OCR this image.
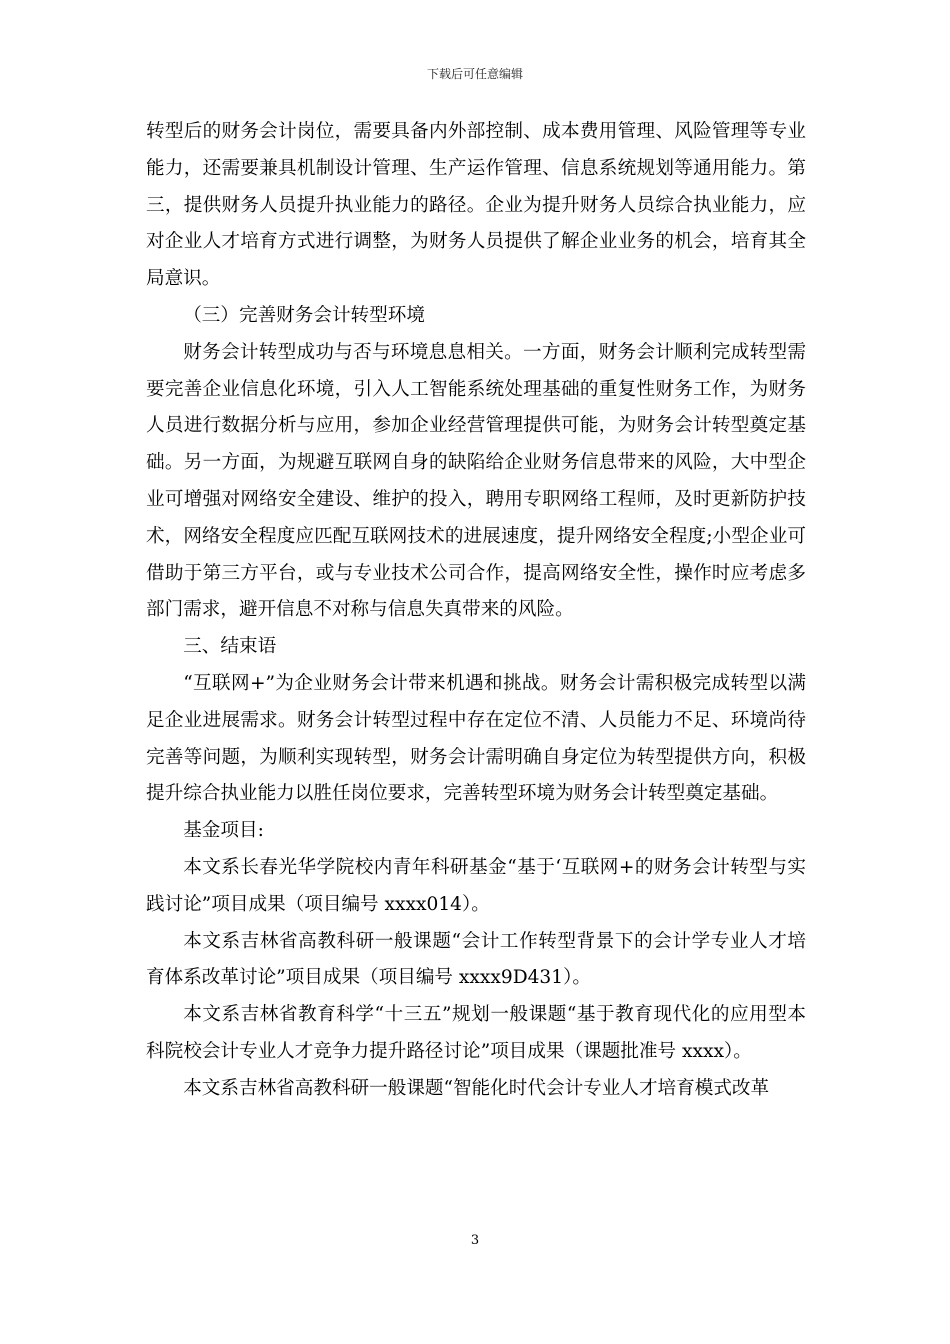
下载后可任意编辑

转型后的财务会计岗位，需要具备内外部控制、成本费用管理、风险管理等专业能力，还需要兼具机制设计管理、生产运作管理、信息系统规划等通用能力。第三，提供财务人员提升执业能力的路径。企业为提升财务人员综合执业能力，应对企业人才培育方式进行调整，为财务人员提供了解企业业务的机会，培育其全局意识。

（三）完善财务会计转型环境

财务会计转型成功与否与环境息息相关。一方面，财务会计顺利完成转型需要完善企业信息化环境，引入人工智能系统处理基础的重复性财务工作，为财务人员进行数据分析与应用，参加企业经营管理提供可能，为财务会计转型奠定基础。另一方面，为规避互联网自身的缺陷给企业财务信息带来的风险，大中型企业可增强对网络安全建设、维护的投入，聘用专职网络工程师，及时更新防护技术，网络安全程度应匹配互联网技术的进展速度，提升网络安全程度;小型企业可借助于第三方平台，或与专业技术公司合作，提高网络安全性，操作时应考虑多部门需求，避开信息不对称与信息失真带来的风险。

三、结束语

“互联网+”为企业财务会计带来机遇和挑战。财务会计需积极完成转型以满足企业进展需求。财务会计转型过程中存在定位不清、人员能力不足、环境尚待完善等问题，为顺利实现转型，财务会计需明确自身定位为转型提供方向，积极提升综合执业能力以胜任岗位要求，完善转型环境为财务会计转型奠定基础。

基金项目:

本文系长春光华学院校内青年科研基金“基于‘互联网+的财务会计转型与实践讨论”项目成果（项目编号 xxxx014）。

本文系吉林省高教科研一般课题“会计工作转型背景下的会计学专业人才培育体系改革讨论”项目成果（项目编号 xxxx9D431）。

本文系吉林省教育科学“十三五”规划一般课题“基于教育现代化的应用型本科院校会计专业人才竞争力提升路径讨论”项目成果（课题批准号 xxxx）。

本文系吉林省高教科研一般课题“智能化时代会计专业人才培育模式改革

3
